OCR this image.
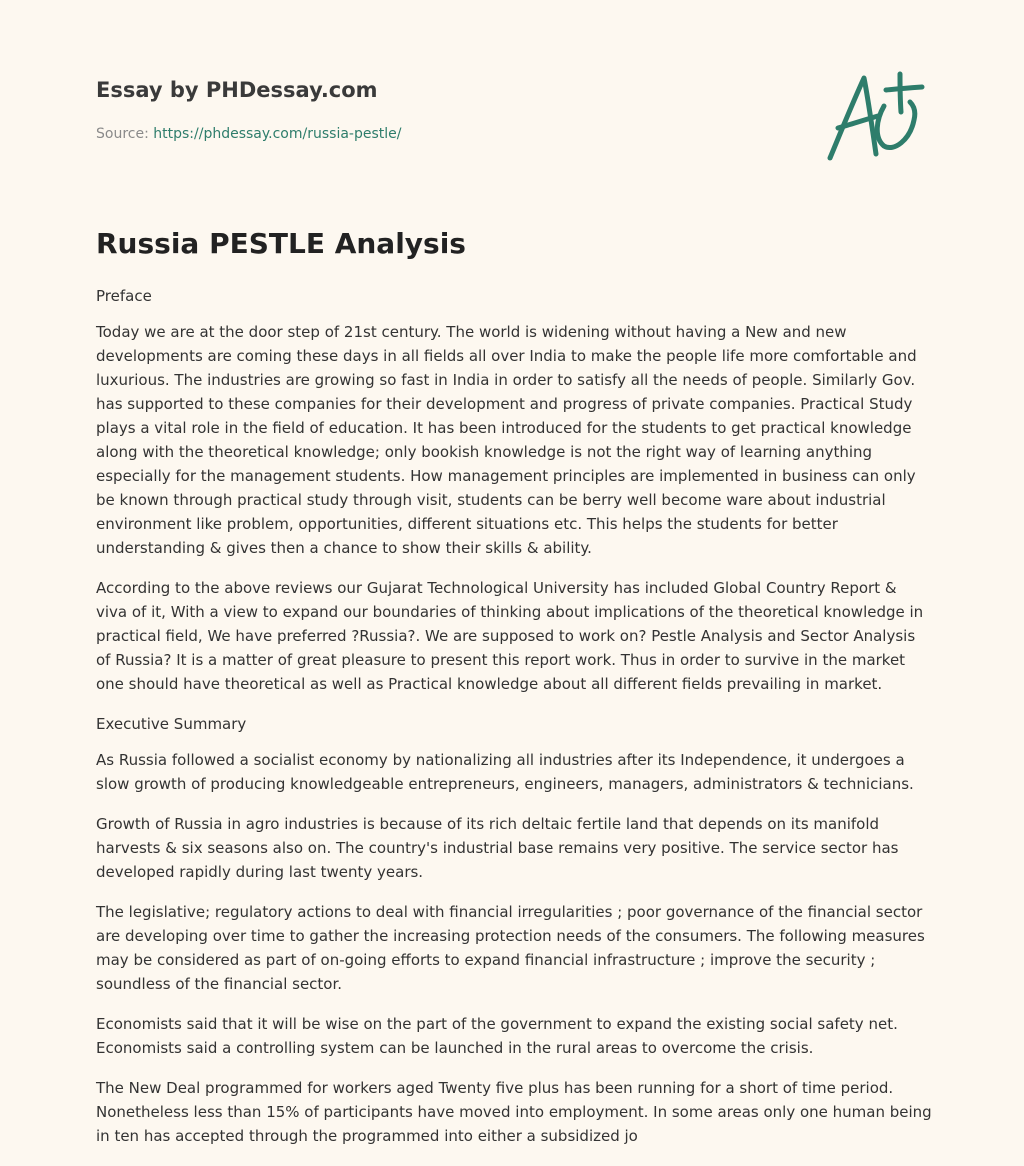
Essay by PHDessay.com
Source: https://phdessay.com/russia-pestle/
Russia PESTLE Analysis

Preface

Today we are at the door step of 21st century. The world is widening without having a New and new developments are coming these days in all fields all over India to make the people life more comfortable and luxurious. The industries are growing so fast in India in order to satisfy all the needs of people. Similarly Gov. has supported to these companies for their development and progress of private companies. Practical Study plays a vital role in the field of education. It has been introduced for the students to get practical knowledge along with the theoretical knowledge; only bookish knowledge is not the right way of learning anything especially for the management students. How management principles are implemented in business can only be known through practical study through visit, students can be berry well become ware about industrial environment like problem, opportunities, different situations etc. This helps the students for better understanding & gives then a chance to show their skills & ability.

According to the above reviews our Gujarat Technological University has included Global Country Report & viva of it, With a view to expand our boundaries of thinking about implications of the theoretical knowledge in practical field, We have preferred ?Russia?. We are supposed to work on? Pestle Analysis and Sector Analysis of Russia? It is a matter of great pleasure to present this report work. Thus in order to survive in the market one should have theoretical as well as Practical knowledge about all different fields prevailing in market.

Executive Summary

As Russia followed a socialist economy by nationalizing all industries after its Independence, it undergoes a slow growth of producing knowledgeable entrepreneurs, engineers, managers, administrators & technicians.

Growth of Russia in agro industries is because of its rich deltaic fertile land that depends on its manifold harvests & six seasons also on. The country's industrial base remains very positive. The service sector has developed rapidly during last twenty years.

The legislative; regulatory actions to deal with financial irregularities ; poor governance of the financial sector are developing over time to gather the increasing protection needs of the consumers. The following measures may be considered as part of on-going efforts to expand financial infrastructure ; improve the security ; soundless of the financial sector.

Economists said that it will be wise on the part of the government to expand the existing social safety net. Economists said a controlling system can be launched in the rural areas to overcome the crisis.

The New Deal programmed for workers aged Twenty five plus has been running for a short of time period. Nonetheless less than 15% of participants have moved into employment. In some areas only one human being in ten has accepted through the programmed into either a subsidized jo
